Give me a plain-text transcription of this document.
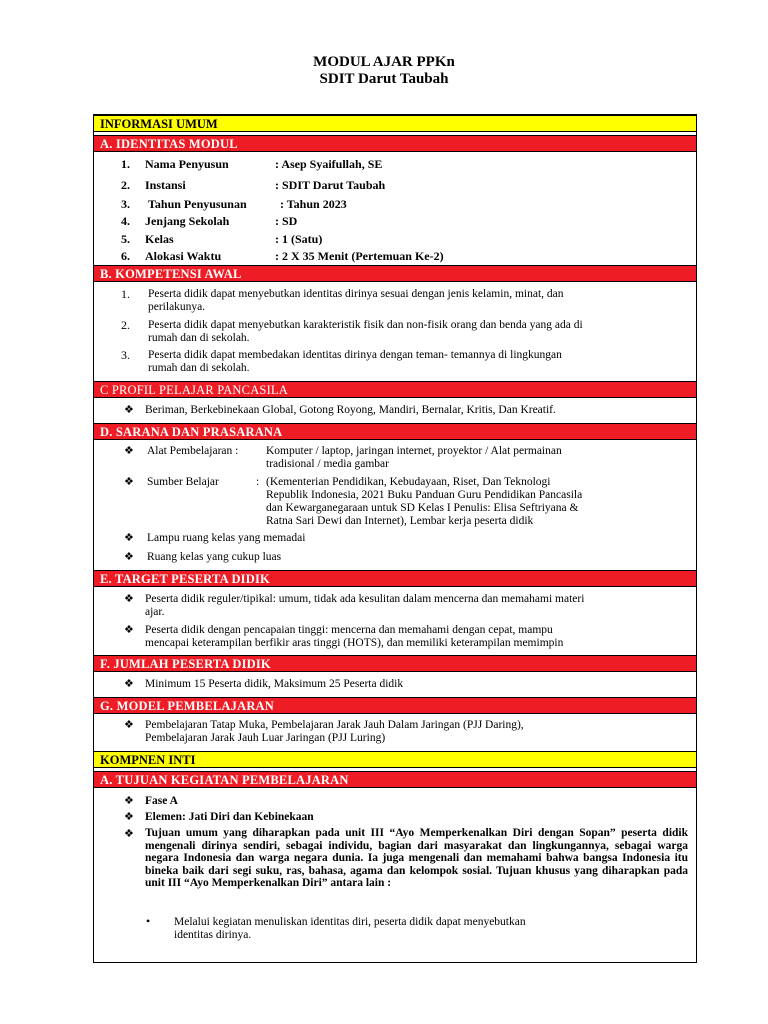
MODUL AJAR PPKn
SDIT Darut Taubah
INFORMASI UMUM
A. IDENTITAS MODUL
B. KOMPETENSI AWAL
C PROFIL PELAJAR PANCASILA
D. SARANA DAN PRASARANA
E. TARGET PESERTA DIDIK
F. JUMLAH PESERTA DIDIK
G. MODEL PEMBELAJARAN
KOMPNEN INTI
A. TUJUAN KEGIATAN PEMBELAJARAN
1. Nama Penyusun	: Asep Syaifullah, SE
2. Instansi	: SDIT Darut Taubah
3. Tahun Penyusunan	: Tahun 2023
4. Jenjang Sekolah	: SD
5. Kelas	: 1 (Satu)
6. Alokasi Waktu	: 2 X 35 Menit (Pertemuan Ke-2)
1. Peserta didik dapat menyebutkan identitas dirinya sesuai dengan jenis kelamin, minat, dan
perilakunya.
2. Peserta didik dapat menyebutkan karakteristik fisik dan non-fisik orang dan benda yang ada di
rumah dan di sekolah.
3. Peserta didik dapat membedakan identitas dirinya dengan teman- temannya di lingkungan
rumah dan di sekolah.
❖ Beriman, Berkebinekaan Global, Gotong Royong, Mandiri, Bernalar, Kritis, Dan Kreatif.
❖ Alat Pembelajaran : Komputer / laptop, jaringan internet, proyektor / Alat permainan
tradisional / media gambar
❖ Sumber Belajar	: (Kementerian Pendidikan, Kebudayaan, Riset, Dan Teknologi
Republik Indonesia, 2021 Buku Panduan Guru Pendidikan Pancasila
dan Kewarganegaraan untuk SD Kelas I Penulis: Elisa Seftriyana &
Ratna Sari Dewi dan Internet), Lembar kerja peserta didik
❖ Lampu ruang kelas yang memadai
❖ Ruang kelas yang cukup luas
❖ Peserta didik reguler/tipikal: umum, tidak ada kesulitan dalam mencerna dan memahami materi
ajar.
❖ Peserta didik dengan pencapaian tinggi: mencerna dan memahami dengan cepat, mampu
mencapai keterampilan berfikir aras tinggi (HOTS), dan memiliki keterampilan memimpin
❖ Minimum 15 Peserta didik, Maksimum 25 Peserta didik
❖ Pembelajaran Tatap Muka, Pembelajaran Jarak Jauh Dalam Jaringan (PJJ Daring),
Pembelajaran Jarak Jauh Luar Jaringan (PJJ Luring)
❖ Fase A
❖ Elemen: Jati Diri dan Kebinekaan
❖ Tujuan umum yang diharapkan pada unit III “Ayo Memperkenalkan Diri dengan Sopan” peserta didik mengenali dirinya sendiri, sebagai individu, bagian dari masyarakat dan lingkungannya, sebagai warga negara Indonesia dan warga negara dunia. Ia juga mengenali dan memahami bahwa bangsa Indonesia itu bineka baik dari segi suku, ras, bahasa, agama dan kelompok sosial. Tujuan khusus yang diharapkan pada unit III “Ayo Memperkenalkan Diri” antara lain :
• Melalui kegiatan menuliskan identitas diri, peserta didik dapat menyebutkan
identitas dirinya.
